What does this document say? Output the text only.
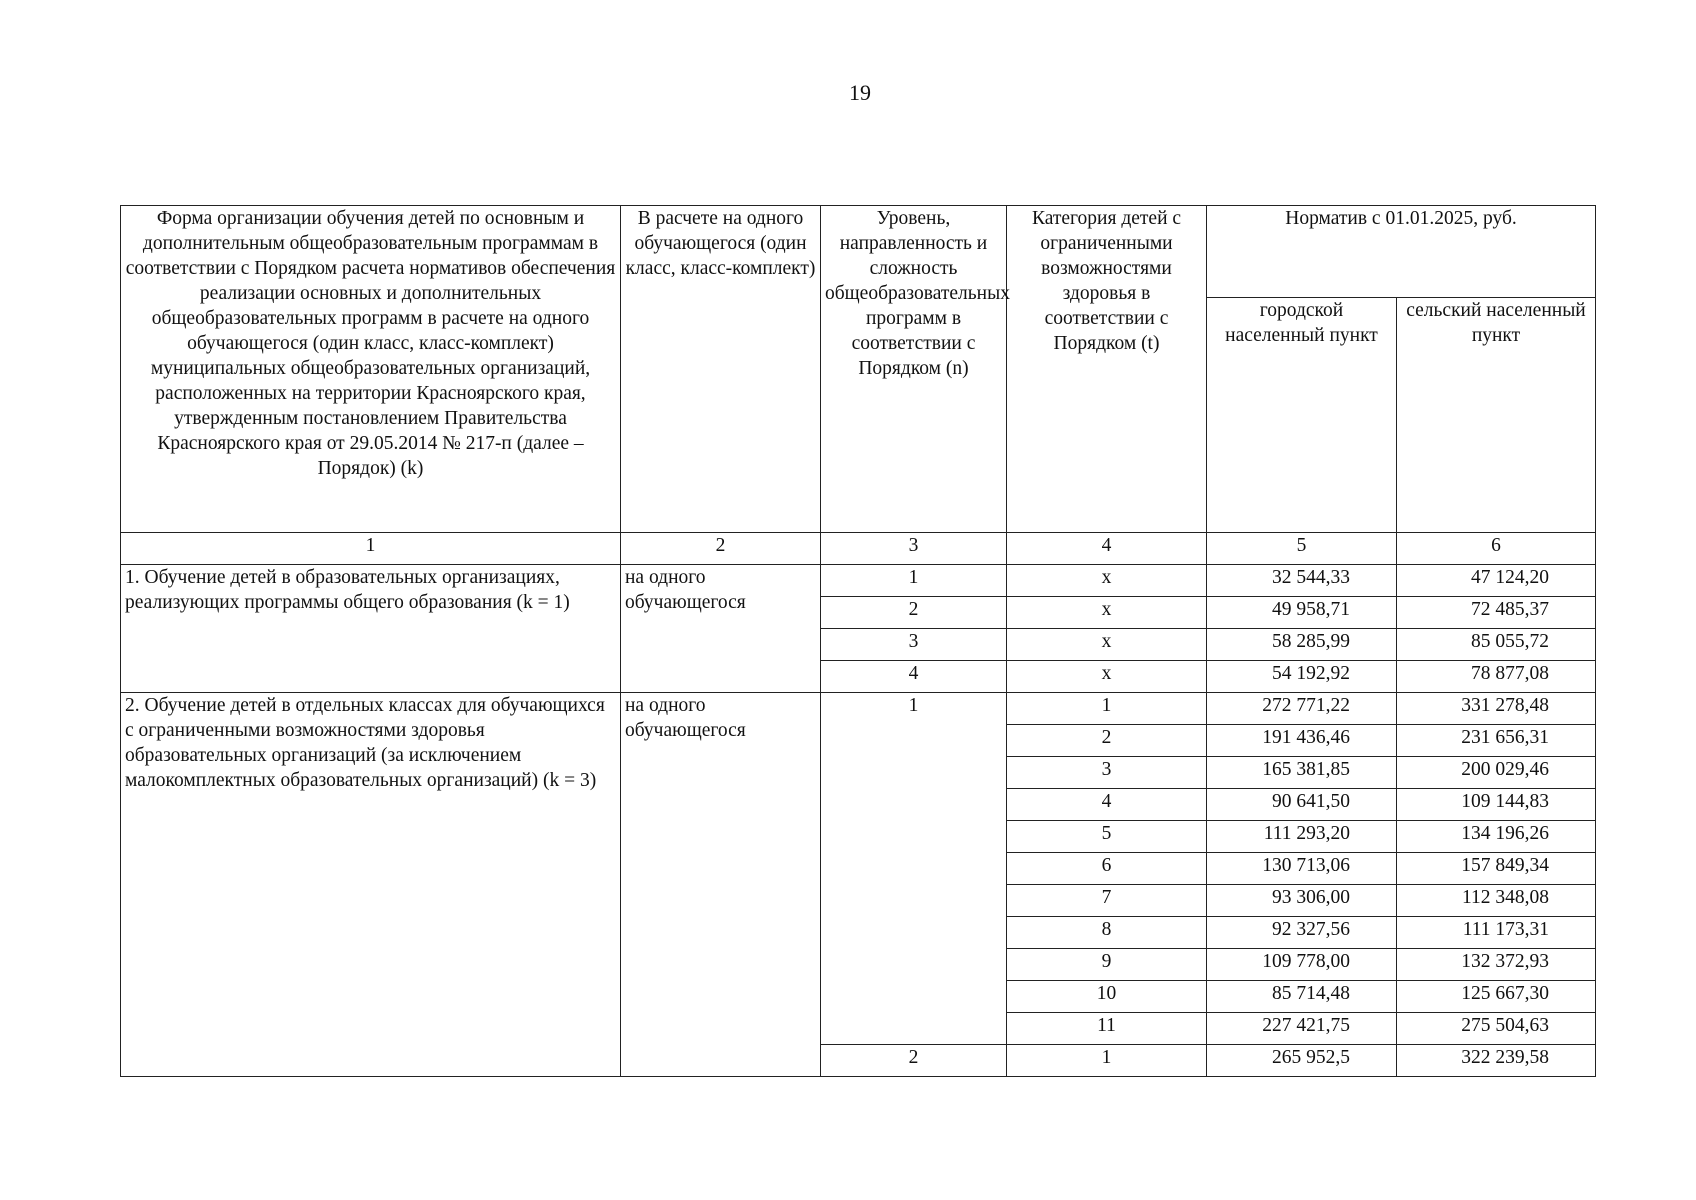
19
Форма организации обучения детей по основным и дополнительным общеобразовательным программам в соответствии с Порядком расчета нормативов обеспечения реализации основных и дополнительных общеобразовательных программ в расчете на одного обучающегося (один класс, класс-комплект) муниципальных общеобразовательных организаций, расположенных на территории Красноярского края, утвержденным постановлением Правительства Красноярского края от 29.05.2014 № 217-п (далее – Порядок) (k)	В расчете на одного обучающегося (один класс, класс-комплект)	Уровень, направленность и сложность общеобразовательных программ в соответствии с Порядком (n)	Категория детей с ограниченными возможностями здоровья в соответствии с Порядком (t)	Норматив с 01.01.2025, руб.	
				городской населенный пункт	сельский населенный пункт
1	2	3	4	5	6
1. Обучение детей в образовательных организациях, реализующих программы общего образования (k = 1)	на одного обучающегося	1	x	32 544,33	47 124,20
		2	x	49 958,71	72 485,37
		3	x	58 285,99	85 055,72
		4	x	54 192,92	78 877,08
2. Обучение детей в отдельных классах для обучающихся с ограниченными возможностями здоровья образовательных организаций (за исключением малокомплектных образовательных организаций) (k = 3)	на одного обучающегося	1	1	272 771,22	331 278,48
			2	191 436,46	231 656,31
			3	165 381,85	200 029,46
			4	90 641,50	109 144,83
			5	111 293,20	134 196,26
			6	130 713,06	157 849,34
			7	93 306,00	112 348,08
			8	92 327,56	111 173,31
			9	109 778,00	132 372,93
			10	85 714,48	125 667,30
			11	227 421,75	275 504,63
		2	1	265 952,5	322 239,58
